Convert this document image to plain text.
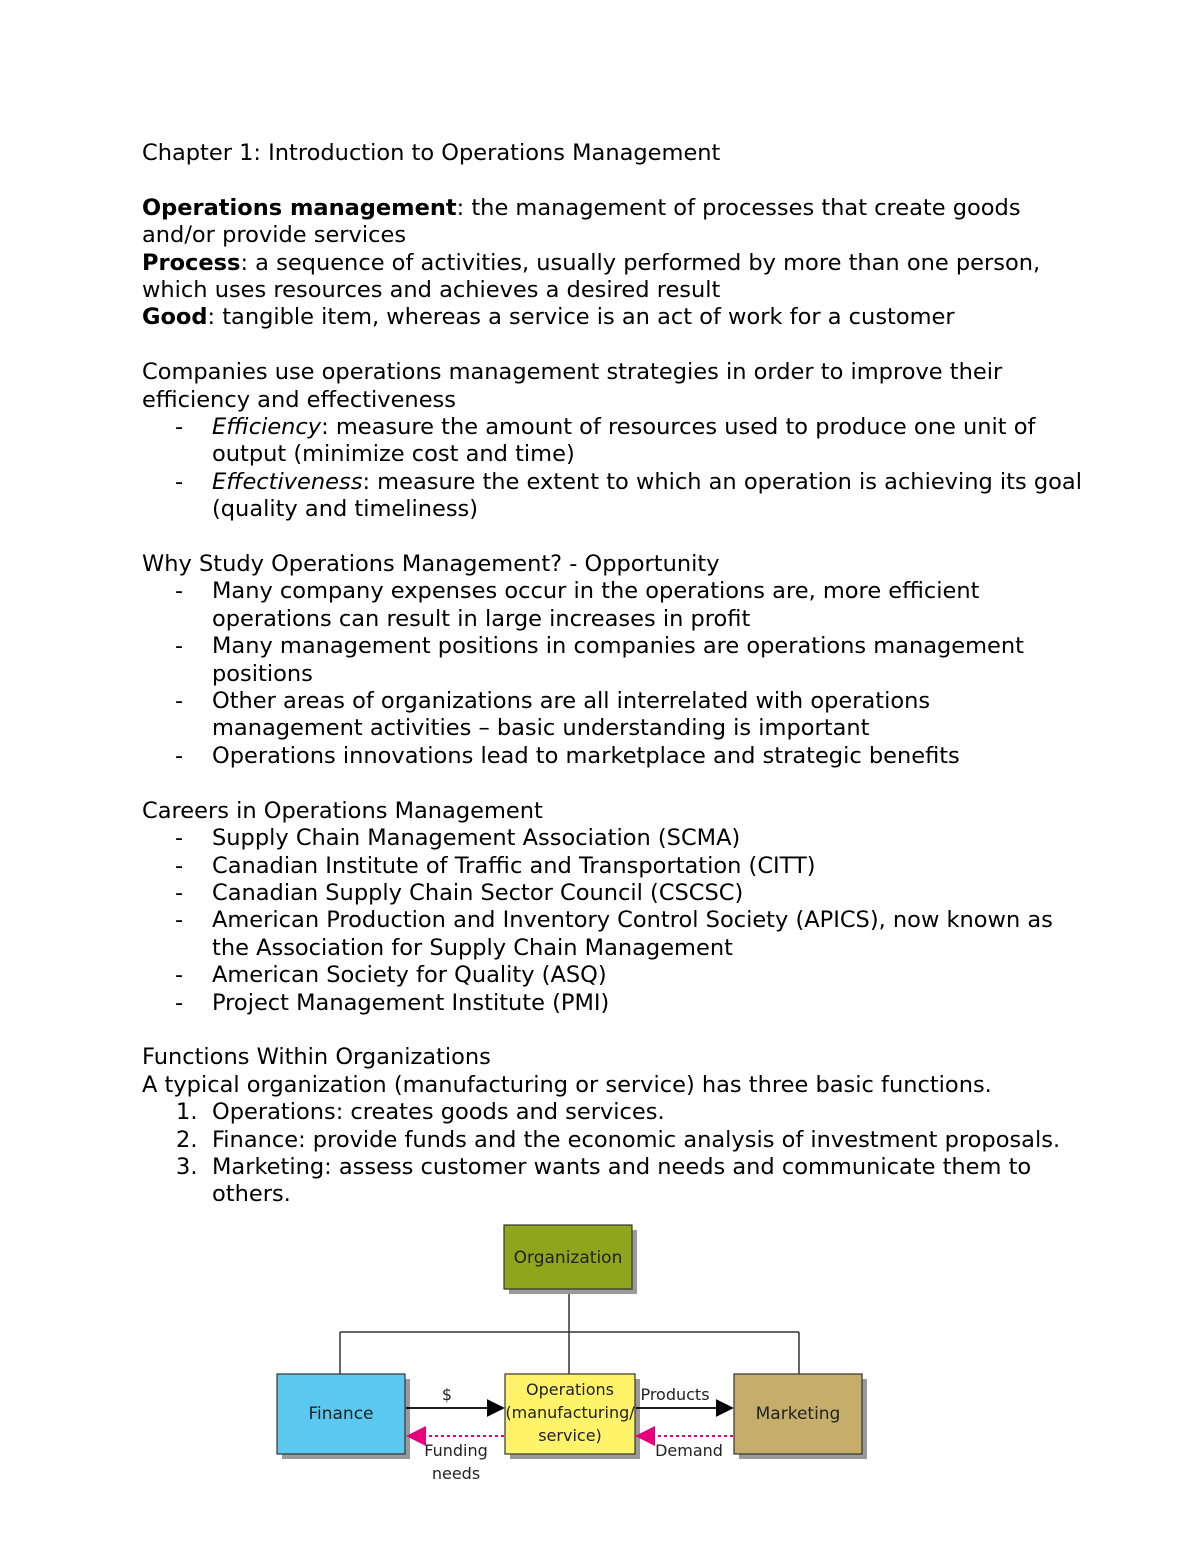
Chapter 1: Introduction to Operations Management

Operations management: the management of processes that create goods and/or provide services

Process: a sequence of activities, usually performed by more than one person, which uses resources and achieves a desired result

Good: tangible item, whereas a service is an act of work for a customer

Companies use operations management strategies in order to improve their efficiency and effectiveness

- Efficiency: measure the amount of resources used to produce one unit of output (minimize cost and time)
- Effectiveness: measure the extent to which an operation is achieving its goal (quality and timeliness)

Why Study Operations Management? - Opportunity

- Many company expenses occur in the operations are, more efficient operations can result in large increases in profit
- Many management positions in companies are operations management positions
- Other areas of organizations are all interrelated with operations management activities – basic understanding is important
- Operations innovations lead to marketplace and strategic benefits

Careers in Operations Management

- Supply Chain Management Association (SCMA)
- Canadian Institute of Traffic and Transportation (CITT)
- Canadian Supply Chain Sector Council (CSCSC)
- American Production and Inventory Control Society (APICS), now known as the Association for Supply Chain Management
- American Society for Quality (ASQ)
- Project Management Institute (PMI)

Functions Within Organizations

A typical organization (manufacturing or service) has three basic functions.

1. Operations: creates goods and services.
2. Finance: provide funds and the economic analysis of investment proposals.
3. Marketing: assess customer wants and needs and communicate them to others.
Organization
Finance
Operations
(manufacturing/
service)
Marketing
$
Funding
needs
Products
Demand
